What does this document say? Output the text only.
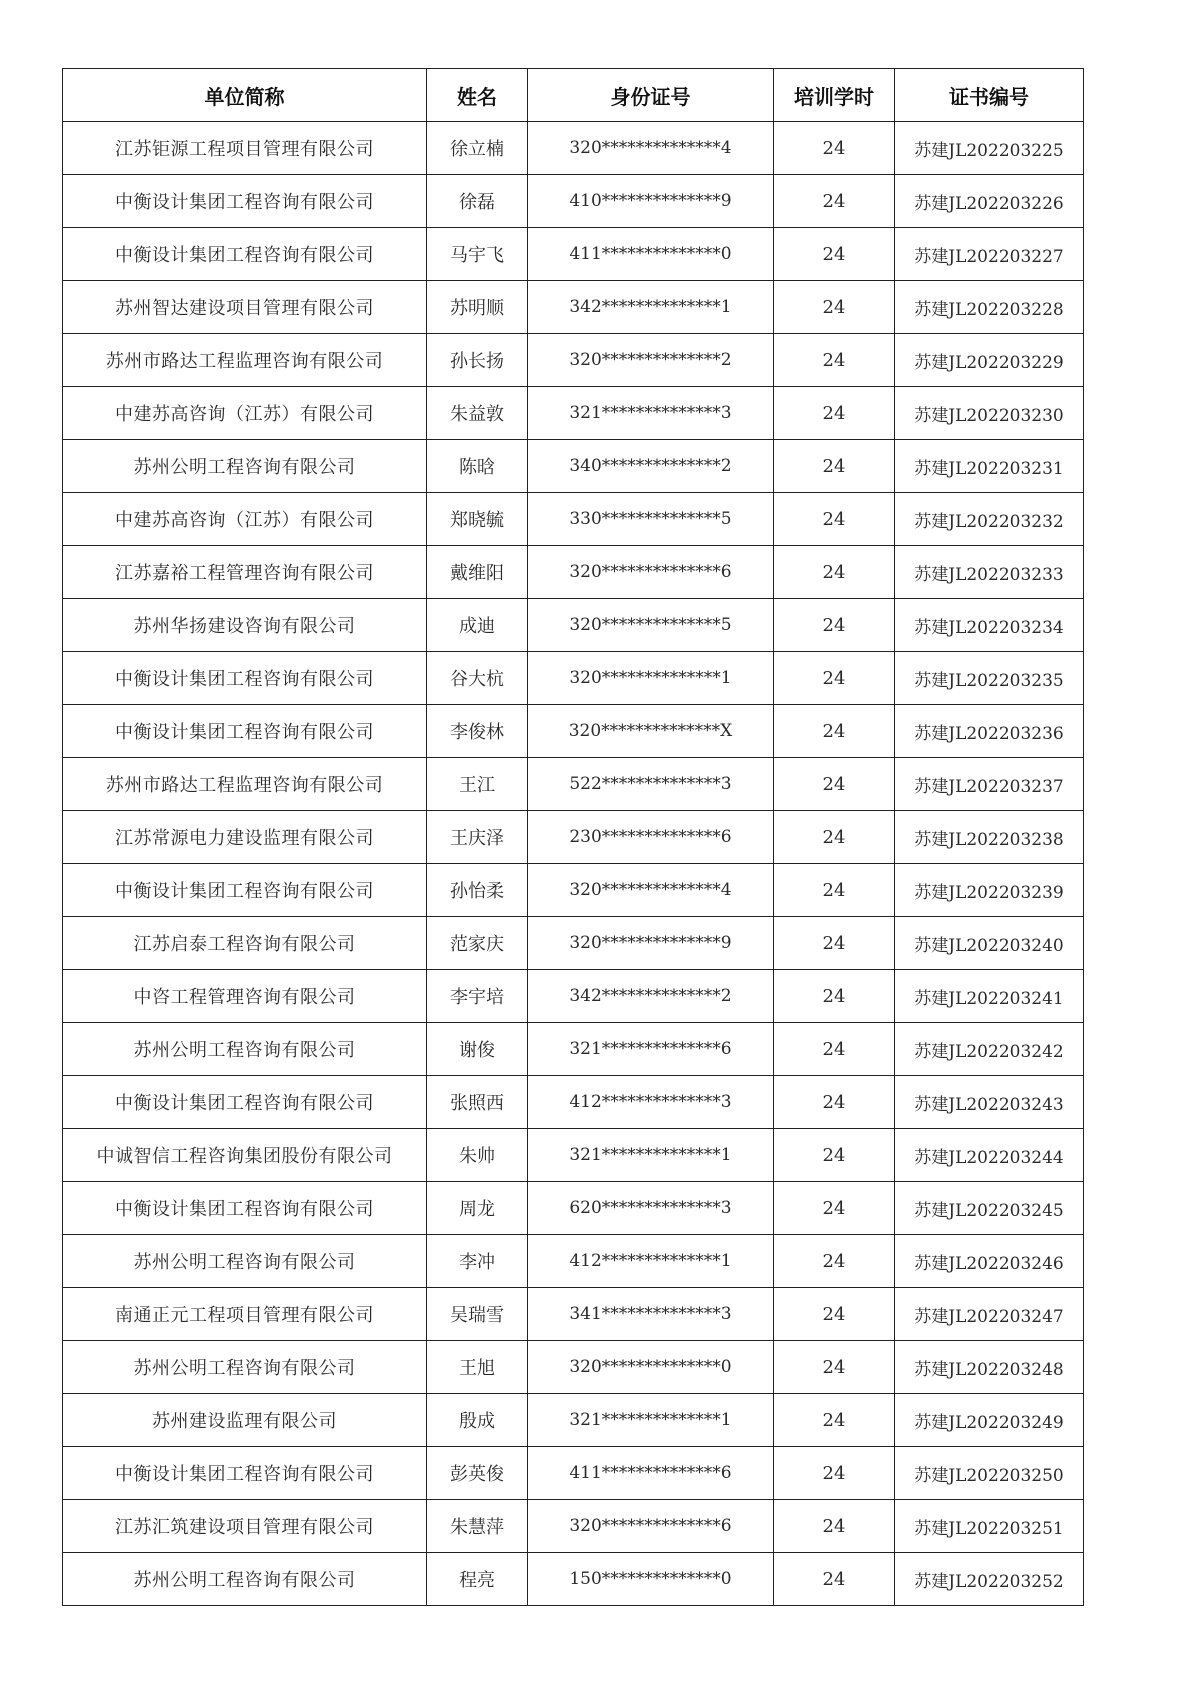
单位简称	姓名	身份证号	培训学时	证书编号
江苏钜源工程项目管理有限公司	徐立楠	320**************4	24	苏建JL202203225
中衡设计集团工程咨询有限公司	徐磊	410**************9	24	苏建JL202203226
中衡设计集团工程咨询有限公司	马宇飞	411**************0	24	苏建JL202203227
苏州智达建设项目管理有限公司	苏明顺	342**************1	24	苏建JL202203228
苏州市路达工程监理咨询有限公司	孙长扬	320**************2	24	苏建JL202203229
中建苏高咨询（江苏）有限公司	朱益敦	321**************3	24	苏建JL202203230
苏州公明工程咨询有限公司	陈晗	340**************2	24	苏建JL202203231
中建苏高咨询（江苏）有限公司	郑晓毓	330**************5	24	苏建JL202203232
江苏嘉裕工程管理咨询有限公司	戴维阳	320**************6	24	苏建JL202203233
苏州华扬建设咨询有限公司	成迪	320**************5	24	苏建JL202203234
中衡设计集团工程咨询有限公司	谷大杭	320**************1	24	苏建JL202203235
中衡设计集团工程咨询有限公司	李俊林	320**************X	24	苏建JL202203236
苏州市路达工程监理咨询有限公司	王江	522**************3	24	苏建JL202203237
江苏常源电力建设监理有限公司	王庆泽	230**************6	24	苏建JL202203238
中衡设计集团工程咨询有限公司	孙怡柔	320**************4	24	苏建JL202203239
江苏启泰工程咨询有限公司	范家庆	320**************9	24	苏建JL202203240
中咨工程管理咨询有限公司	李宇培	342**************2	24	苏建JL202203241
苏州公明工程咨询有限公司	谢俊	321**************6	24	苏建JL202203242
中衡设计集团工程咨询有限公司	张照西	412**************3	24	苏建JL202203243
中诚智信工程咨询集团股份有限公司	朱帅	321**************1	24	苏建JL202203244
中衡设计集团工程咨询有限公司	周龙	620**************3	24	苏建JL202203245
苏州公明工程咨询有限公司	李冲	412**************1	24	苏建JL202203246
南通正元工程项目管理有限公司	吴瑞雪	341**************3	24	苏建JL202203247
苏州公明工程咨询有限公司	王旭	320**************0	24	苏建JL202203248
苏州建设监理有限公司	殷成	321**************1	24	苏建JL202203249
中衡设计集团工程咨询有限公司	彭英俊	411**************6	24	苏建JL202203250
江苏汇筑建设项目管理有限公司	朱慧萍	320**************6	24	苏建JL202203251
苏州公明工程咨询有限公司	程亮	150**************0	24	苏建JL202203252
